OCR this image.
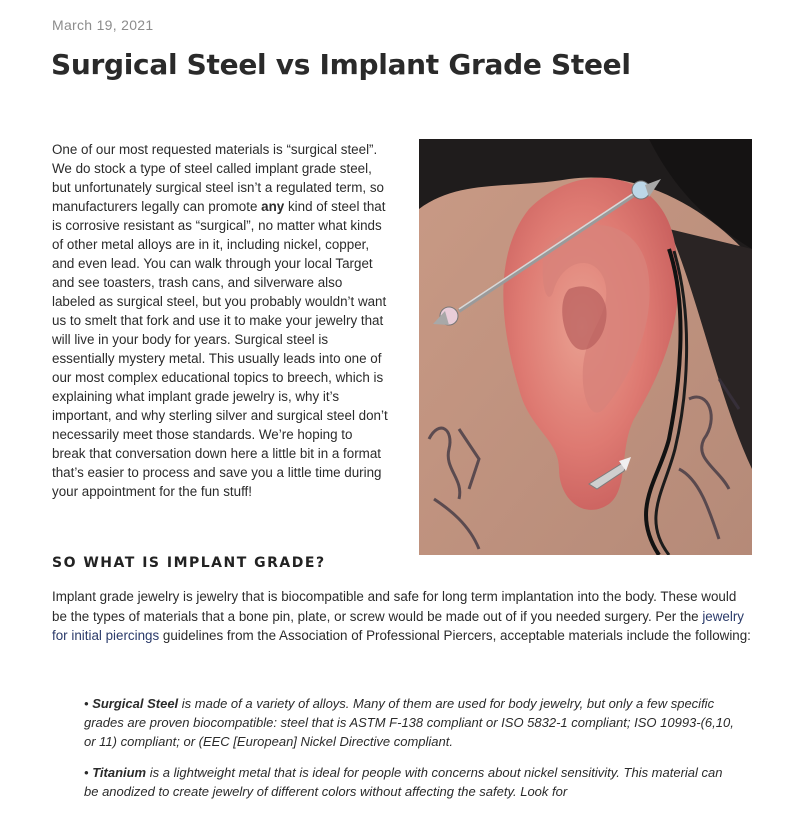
March 19, 2021
Surgical Steel vs Implant Grade Steel

One of our most requested materials is “surgical steel”. We do stock a type of steel called implant grade steel, but unfortunately surgical steel isn’t a regulated term, so manufacturers legally can promote any kind of steel that is corrosive resistant as “surgical”, no matter what kinds of other metal alloys are in it, including nickel, copper, and even lead. You can walk through your local Target and see toasters, trash cans, and silverware also labeled as surgical steel, but you probably wouldn’t want us to smelt that fork and use it to make your jewelry that will live in your body for years. Surgical steel is essentially mystery metal. This usually leads into one of our most complex educational topics to breech, which is explaining what implant grade jewelry is, why it’s important, and why sterling silver and surgical steel don’t necessarily meet those standards. We’re hoping to break that conversation down here a little bit in a format that’s easier to process and save you a little time during your appointment for the fun stuff!

SO WHAT IS IMPLANT GRADE?

Implant grade jewelry is jewelry that is biocompatible and safe for long term implantation into the body. These would be the types of materials that a bone pin, plate, or screw would be made out of if you needed surgery. Per the jewelry for initial piercings guidelines from the Association of Professional Piercers, acceptable materials include the following:

• Surgical Steel is made of a variety of alloys. Many of them are used for body jewelry, but only a few specific grades are proven biocompatible: steel that is ASTM F-138 compliant or ISO 5832-1 compliant; ISO 10993-(6,10, or 11) compliant; or (EEC [European] Nickel Directive compliant.
• Titanium is a lightweight metal that is ideal for people with concerns about nickel sensitivity. This material can be anodized to create jewelry of different colors without affecting the safety. Look for
